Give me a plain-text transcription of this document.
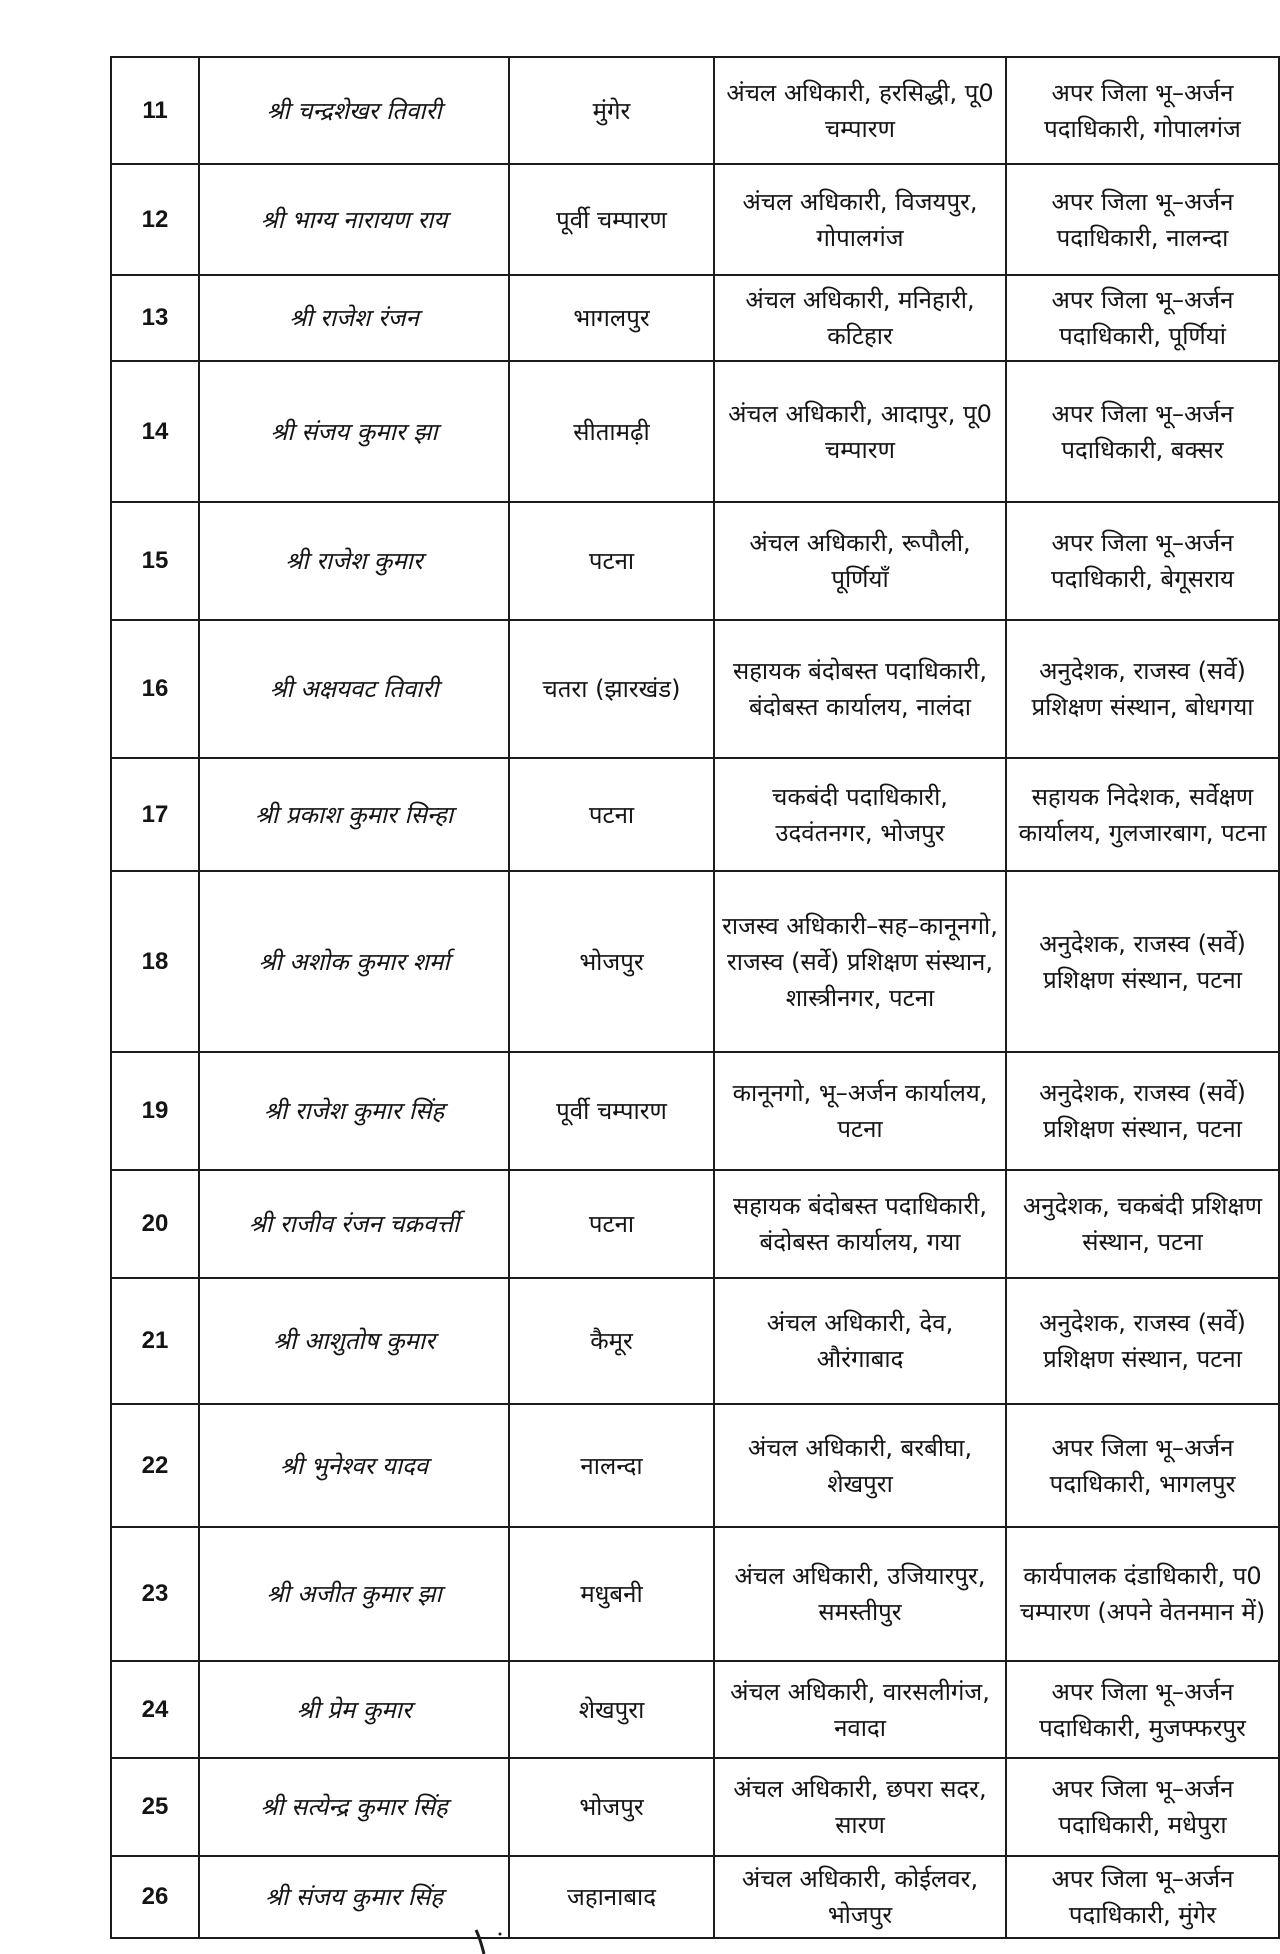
11	श्री चन्द्रशेखर तिवारी	मुंगेर	अंचल अधिकारी, हरसिद्धी, पू0 चम्पारण	अपर जिला भू–अर्जन पदाधिकारी, गोपालगंज
12	श्री भाग्य नारायण राय	पूर्वी चम्पारण	अंचल अधिकारी, विजयपुर, गोपालगंज	अपर जिला भू–अर्जन पदाधिकारी, नालन्दा
13	श्री राजेश रंजन	भागलपुर	अंचल अधिकारी, मनिहारी, कटिहार	अपर जिला भू–अर्जन पदाधिकारी, पूर्णियां
14	श्री संजय कुमार झा	सीतामढ़ी	अंचल अधिकारी, आदापुर, पू0 चम्पारण	अपर जिला भू–अर्जन पदाधिकारी, बक्सर
15	श्री राजेश कुमार	पटना	अंचल अधिकारी, रूपौली, पूर्णियाँ	अपर जिला भू–अर्जन पदाधिकारी, बेगूसराय
16	श्री अक्षयवट तिवारी	चतरा (झारखंड)	सहायक बंदोबस्त पदाधिकारी, बंदोबस्त कार्यालय, नालंदा	अनुदेशक, राजस्व (सर्वे) प्रशिक्षण संस्थान, बोधगया
17	श्री प्रकाश कुमार सिन्हा	पटना	चकबंदी पदाधिकारी, उदवंतनगर, भोजपुर	सहायक निदेशक, सर्वेक्षण कार्यालय, गुलजारबाग, पटना
18	श्री अशोक कुमार शर्मा	भोजपुर	राजस्व अधिकारी–सह–कानूनगो, राजस्व (सर्वे) प्रशिक्षण संस्थान, शास्त्रीनगर, पटना	अनुदेशक, राजस्व (सर्वे) प्रशिक्षण संस्थान, पटना
19	श्री राजेश कुमार सिंह	पूर्वी चम्पारण	कानूनगो, भू–अर्जन कार्यालय, पटना	अनुदेशक, राजस्व (सर्वे) प्रशिक्षण संस्थान, पटना
20	श्री राजीव रंजन चक्रवर्त्ती	पटना	सहायक बंदोबस्त पदाधिकारी, बंदोबस्त कार्यालय, गया	अनुदेशक, चकबंदी प्रशिक्षण संस्थान, पटना
21	श्री आशुतोष कुमार	कैमूर	अंचल अधिकारी, देव, औरंगाबाद	अनुदेशक, राजस्व (सर्वे) प्रशिक्षण संस्थान, पटना
22	श्री भुनेश्वर यादव	नालन्दा	अंचल अधिकारी, बरबीघा, शेखपुरा	अपर जिला भू–अर्जन पदाधिकारी, भागलपुर
23	श्री अजीत कुमार झा	मधुबनी	अंचल अधिकारी, उजियारपुर, समस्तीपुर	कार्यपालक दंडाधिकारी, प0 चम्पारण (अपने वेतनमान में)
24	श्री प्रेम कुमार	शेखपुरा	अंचल अधिकारी, वारसलीगंज, नवादा	अपर जिला भू–अर्जन पदाधिकारी, मुजफ्फरपुर
25	श्री सत्येन्द्र कुमार सिंह	भोजपुर	अंचल अधिकारी, छपरा सदर, सारण	अपर जिला भू–अर्जन पदाधिकारी, मधेपुरा
26	श्री संजय कुमार सिंह	जहानाबाद	अंचल अधिकारी, कोईलवर, भोजपुर	अपर जिला भू–अर्जन पदाधिकारी, मुंगेर
